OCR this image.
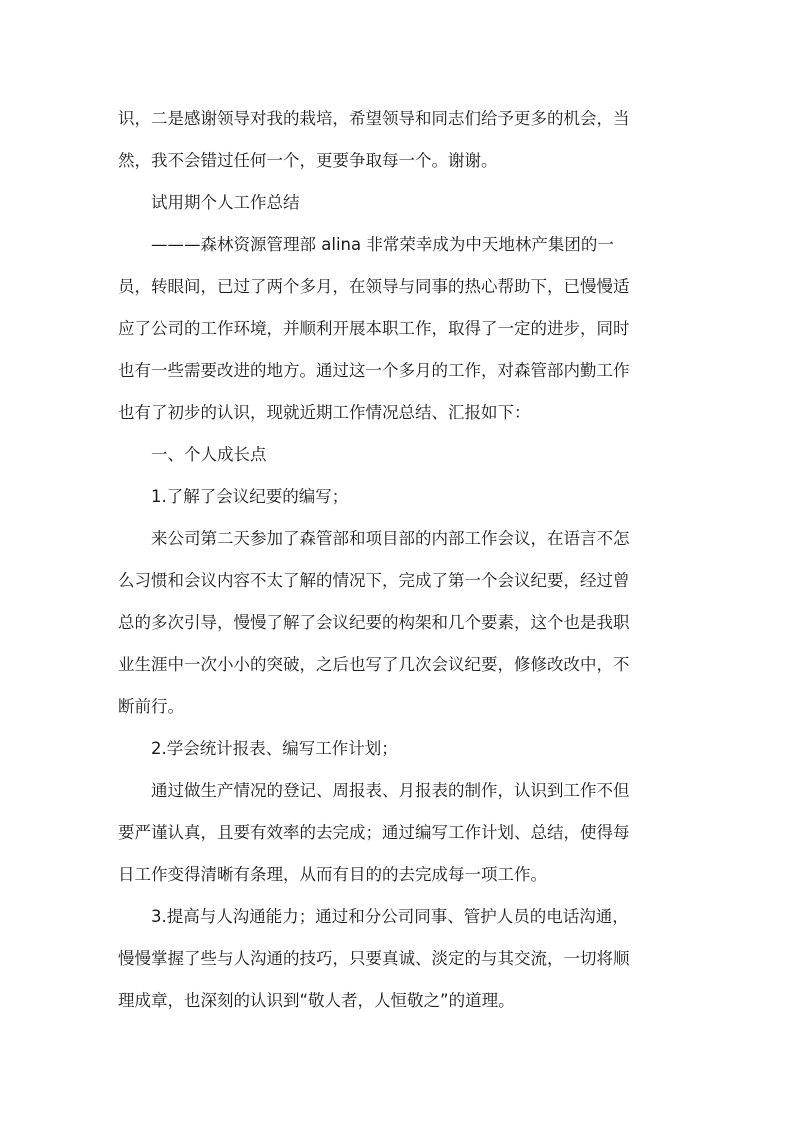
识，二是感谢领导对我的栽培，希望领导和同志们给予更多的机会，当
然，我不会错过任何一个，更要争取每一个。谢谢。

试用期个人工作总结

———森林资源管理部 alina 非常荣幸成为中天地林产集团的一
员，转眼间，已过了两个多月，在领导与同事的热心帮助下，已慢慢适
应了公司的工作环境，并顺利开展本职工作，取得了一定的进步，同时
也有一些需要改进的地方。通过这一个多月的工作，对森管部内勤工作
也有了初步的认识，现就近期工作情况总结、汇报如下：

一、个人成长点

1.了解了会议纪要的编写；

来公司第二天参加了森管部和项目部的内部工作会议，在语言不怎
么习惯和会议内容不太了解的情况下，完成了第一个会议纪要，经过曾
总的多次引导，慢慢了解了会议纪要的构架和几个要素，这个也是我职
业生涯中一次小小的突破，之后也写了几次会议纪要，修修改改中，不
断前行。

2.学会统计报表、编写工作计划；

通过做生产情况的登记、周报表、月报表的制作，认识到工作不但
要严谨认真，且要有效率的去完成；通过编写工作计划、总结，使得每
日工作变得清晰有条理，从而有目的的去完成每一项工作。

3.提高与人沟通能力；通过和分公司同事、管护人员的电话沟通，
慢慢掌握了些与人沟通的技巧，只要真诚、淡定的与其交流，一切将顺
理成章，也深刻的认识到“敬人者，人恒敬之”的道理。
